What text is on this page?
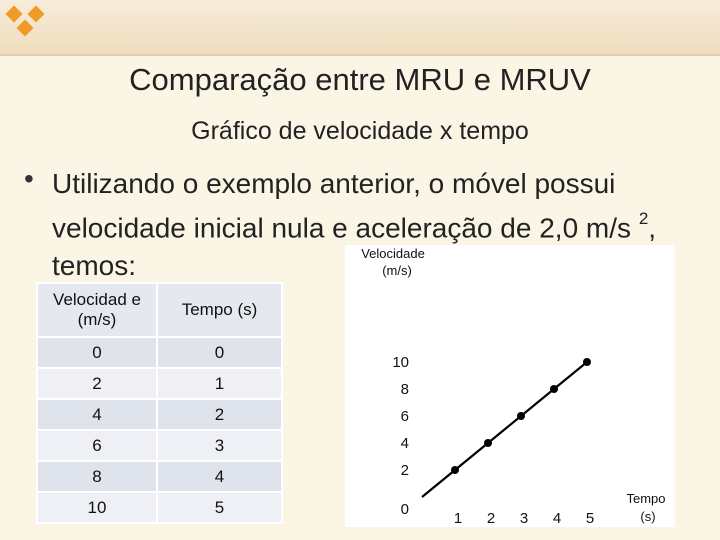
Comparação entre MRU e MRUV
Gráfico de velocidade x tempo
• Utilizando o exemplo anterior, o móvel possui velocidade inicial nula e aceleração de 2,0 m/s $^2$, temos:
Velocidad e (m/s)	Tempo (s)
0	0
2	1
4	2
6	3
8	4
10	5
Velocidade
(m/s)
Tempo
(s)
2
4
6
8
10
0
1 2 3 4 5
